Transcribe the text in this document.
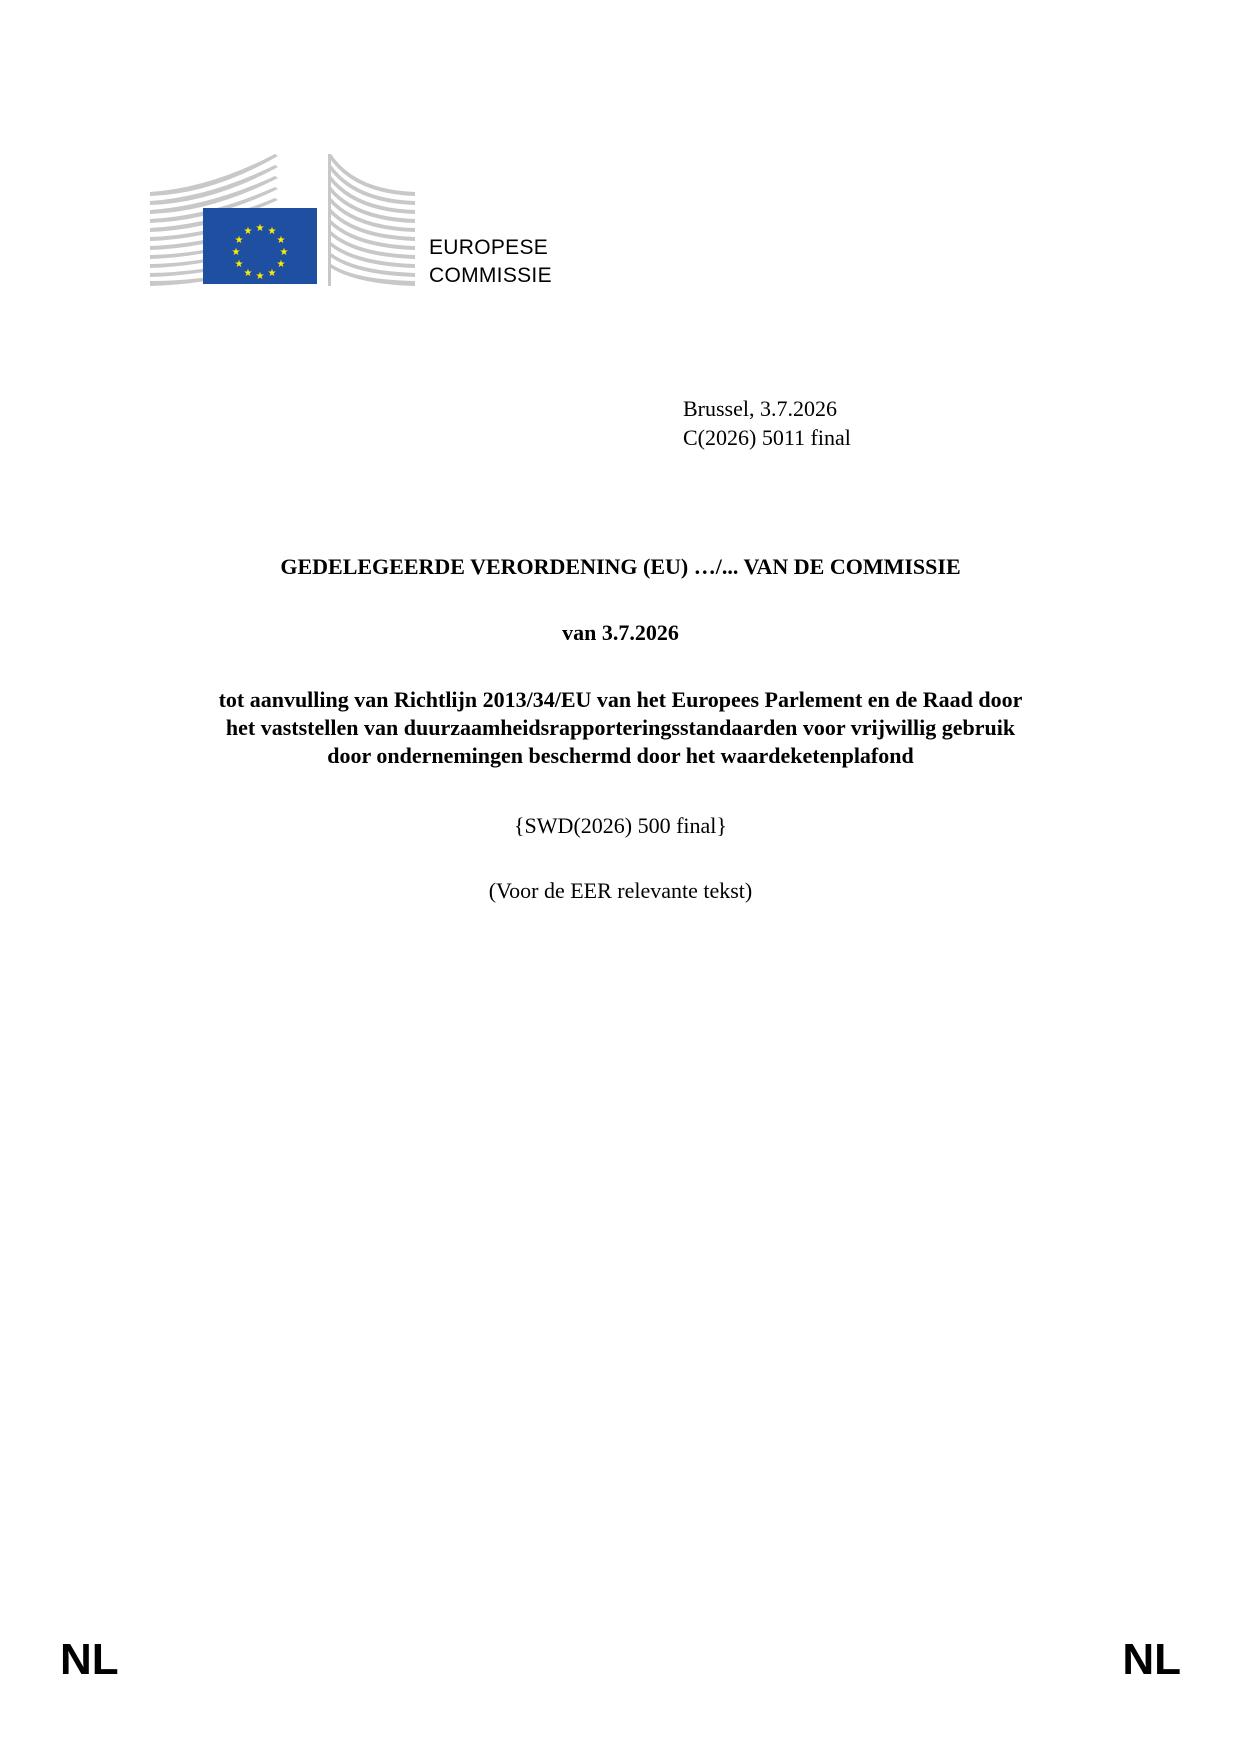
★ ★
★
★
★
★
★
★
★
★
★
★
EUROPESE
COMMISSIE
Brussel, 3.7.2026
C(2026) 5011 final
GEDELEGEERDE VERORDENING (EU) …/... VAN DE COMMISSIE
van 3.7.2026
tot aanvulling van Richtlijn 2013/34/EU van het Europees Parlement en de Raad door
het vaststellen van duurzaamheidsrapporteringsstandaarden voor vrijwillig gebruik
door ondernemingen beschermd door het waardeketenplafond
{SWD(2026) 500 final}
(Voor de EER relevante tekst)
NL	NL
